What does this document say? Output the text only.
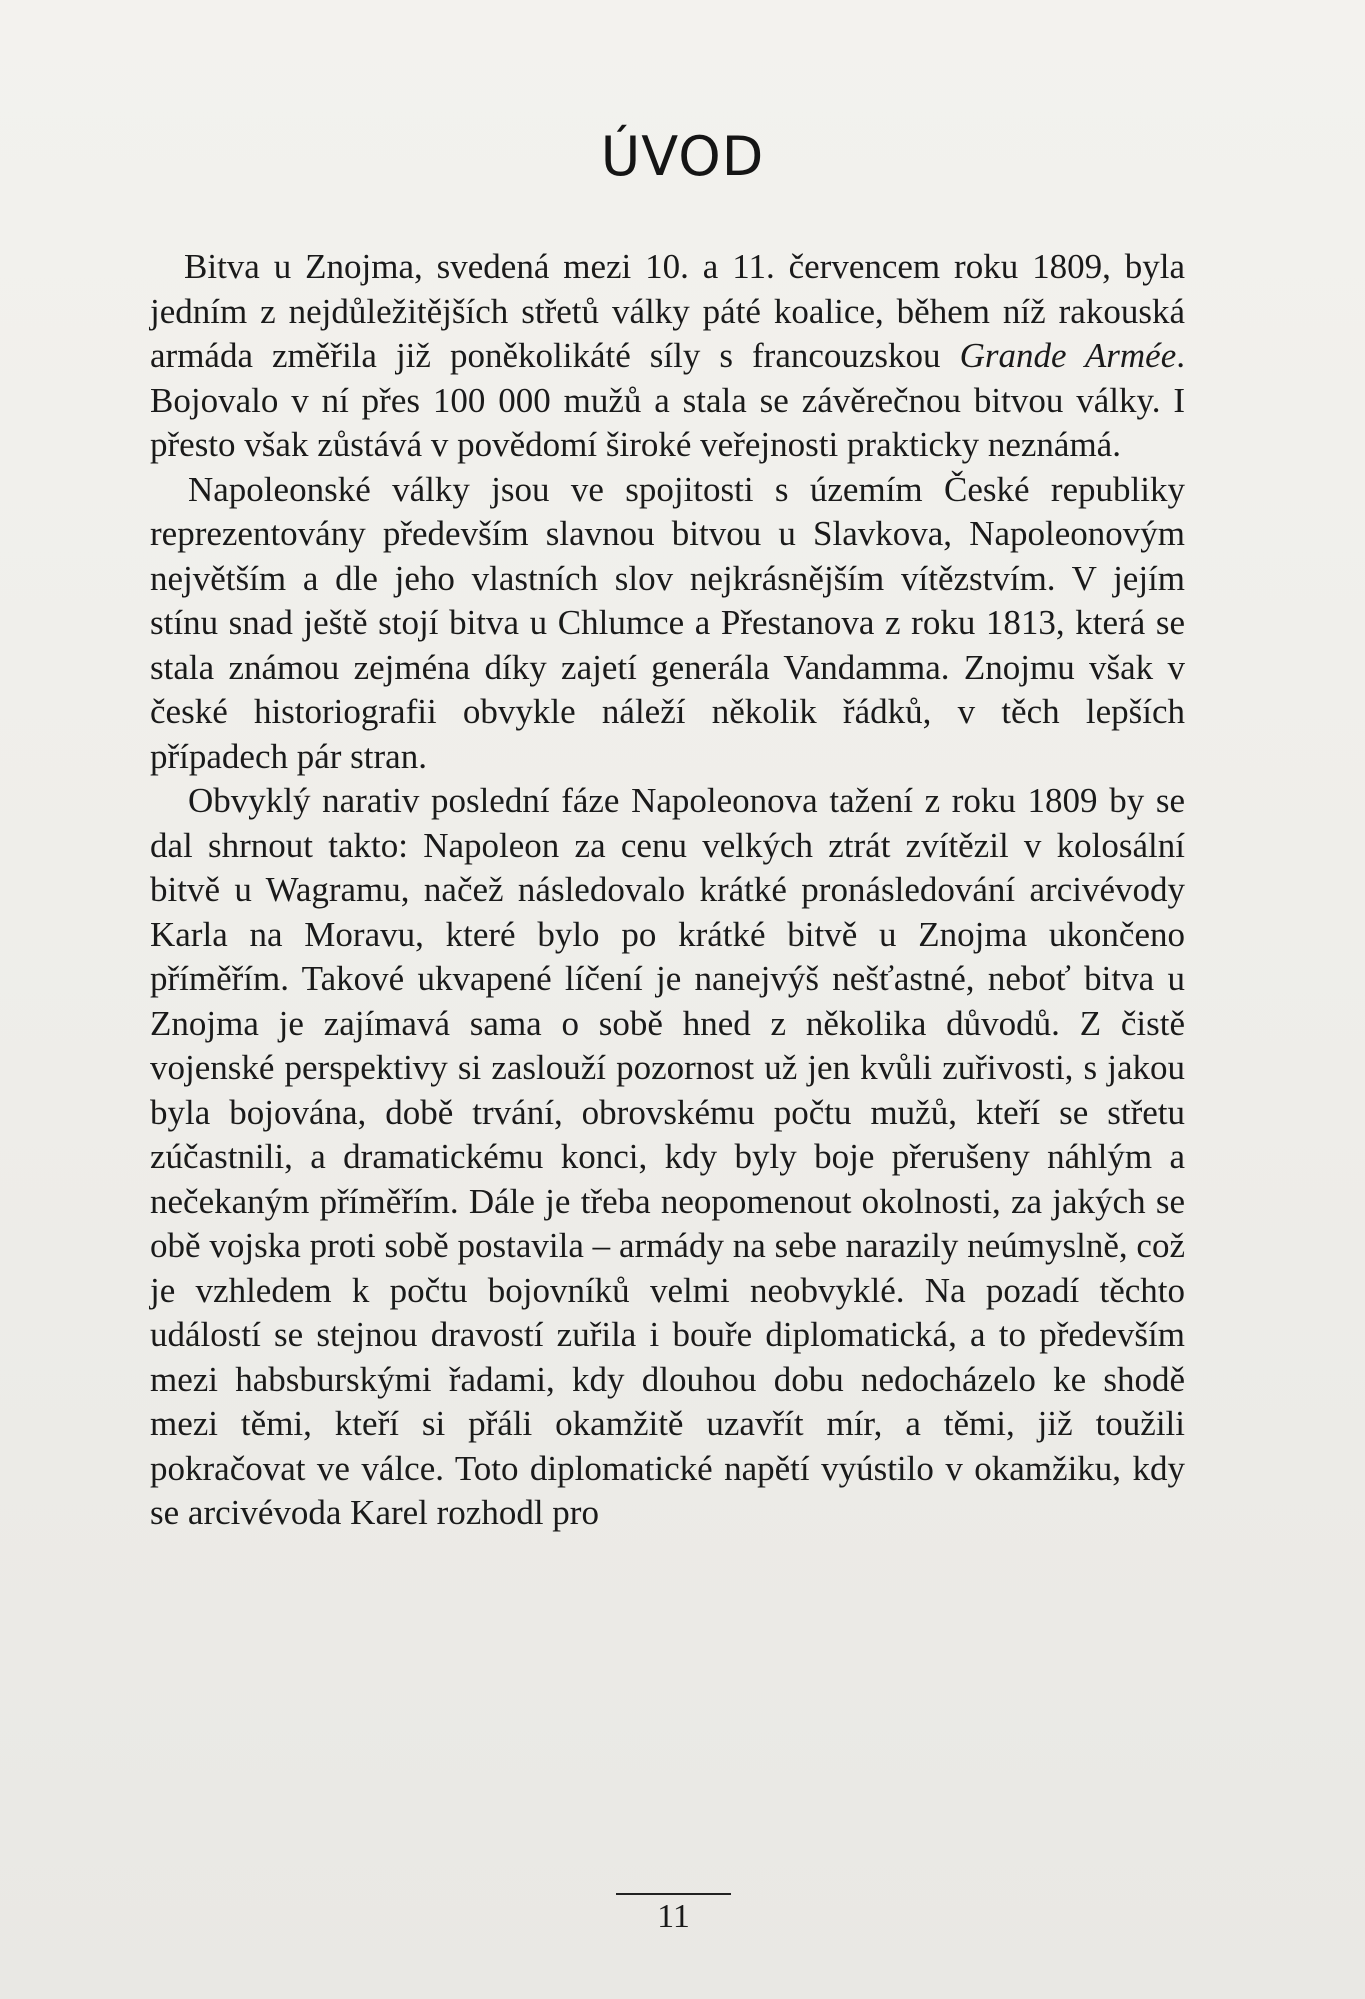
ÚVOD

Bitva u Znojma, svedená mezi 10. a 11. červencem roku 1809, byla jedním z nejdůležitějších střetů války páté koalice, během níž rakouská armáda změřila již poněkolikáté síly s francouzskou Grande Armée. Bojovalo v ní přes 100 000 mužů a stala se závěrečnou bitvou války. I přesto však zůstává v povědomí široké veřejnosti prakticky neznámá.

Napoleonské války jsou ve spojitosti s územím České republiky reprezentovány především slavnou bitvou u Slavkova, Napoleonovým největším a dle jeho vlastních slov nejkrásnějším vítězstvím. V jejím stínu snad ještě stojí bitva u Chlumce a Přestanova z roku 1813, která se stala známou zejména díky zajetí generála Vandamma. Znojmu však v české historiografii obvykle náleží několik řádků, v těch lepších případech pár stran.

Obvyklý narativ poslední fáze Napoleonova tažení z roku 1809 by se dal shrnout takto: Napoleon za cenu velkých ztrát zvítězil v kolosální bitvě u Wagramu, načež následovalo krátké pronásledování arcivévody Karla na Moravu, které bylo po krátké bitvě u Znojma ukončeno příměřím. Takové ukvapené líčení je nanejvýš nešťastné, neboť bitva u Znojma je zajímavá sama o sobě hned z několika důvodů. Z čistě vojenské perspektivy si zaslouží pozornost už jen kvůli zuřivosti, s jakou byla bojována, době trvání, obrovskému počtu mužů, kteří se střetu zúčastnili, a dramatickému konci, kdy byly boje přerušeny náhlým a nečekaným příměřím. Dále je třeba neopomenout okolnosti, za jakých se obě vojska proti sobě postavila – armády na sebe narazily neúmyslně, což je vzhledem k počtu bojovníků velmi neobvyklé. Na pozadí těchto událostí se stejnou dravostí zuřila i bouře diplomatická, a to především mezi habsburskými řadami, kdy dlouhou dobu nedocházelo ke shodě mezi těmi, kteří si přáli okamžitě uzavřít mír, a těmi, již toužili pokračovat ve válce. Toto diplomatické napětí vyústilo v okamžiku, kdy se arcivévoda Karel rozhodl pro

11
